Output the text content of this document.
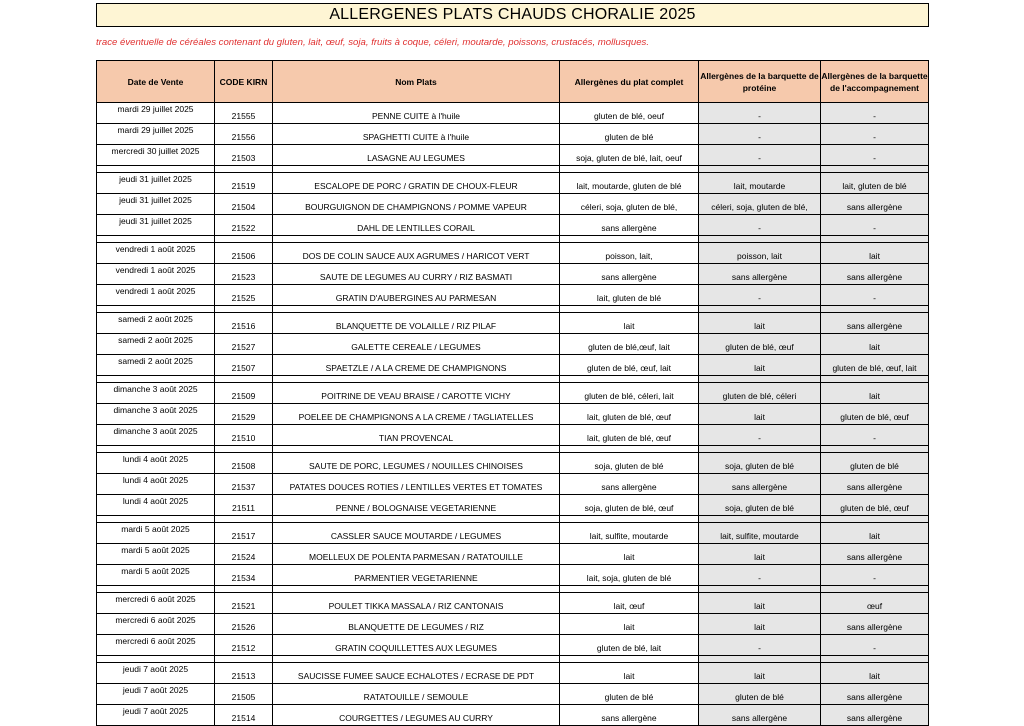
ALLERGENES PLATS CHAUDS CHORALIE 2025
trace éventuelle de céréales contenant du gluten, lait, œuf, soja, fruits à coque, céleri, moutarde, poissons, crustacés, mollusques.
Date de Vente	CODE KIRN	Nom Plats	Allergènes du plat complet	Allergènes de la barquette de protéine	Allergènes de la barquette de l'accompagnement
mardi 29 juillet 2025	21555	PENNE CUITE à l'huile	gluten de blé, oeuf	-	-
mardi 29 juillet 2025	21556	SPAGHETTI CUITE à l'huile	gluten de blé	-	-
mercredi 30 juillet 2025	21503	LASAGNE AU LEGUMES	soja, gluten de blé, lait, oeuf	-	-

jeudi 31 juillet 2025	21519	ESCALOPE DE PORC / GRATIN DE CHOUX-FLEUR	lait, moutarde, gluten de blé	lait, moutarde	lait, gluten de blé
jeudi 31 juillet 2025	21504	BOURGUIGNON DE CHAMPIGNONS / POMME VAPEUR	céleri, soja, gluten de blé,	céleri, soja, gluten de blé,	sans allergène
jeudi 31 juillet 2025	21522	DAHL DE LENTILLES CORAIL	sans allergène	-	-

vendredi 1 août 2025	21506	DOS DE COLIN SAUCE AUX AGRUMES / HARICOT VERT	poisson, lait,	poisson, lait	lait
vendredi 1 août 2025	21523	SAUTE DE LEGUMES AU CURRY / RIZ BASMATI	sans allergène	sans allergène	sans allergène
vendredi 1 août 2025	21525	GRATIN D'AUBERGINES AU PARMESAN	lait, gluten de blé	-	-

samedi 2 août 2025	21516	BLANQUETTE DE VOLAILLE / RIZ PILAF	lait	lait	sans allergène
samedi 2 août 2025	21527	GALETTE CEREALE / LEGUMES	gluten de blé,œuf, lait	gluten de blé, œuf	lait
samedi 2 août 2025	21507	SPAETZLE / A LA CREME DE CHAMPIGNONS	gluten de blé, œuf, lait	lait	gluten de blé, œuf, lait

dimanche 3 août 2025	21509	POITRINE DE VEAU BRAISE / CAROTTE VICHY	gluten de blé, céleri, lait	gluten de blé, céleri	lait
dimanche 3 août 2025	21529	POELEE DE CHAMPIGNONS A LA CREME / TAGLIATELLES	lait, gluten de blé, œuf	lait	gluten de blé, œuf
dimanche 3 août 2025	21510	TIAN PROVENCAL	lait, gluten de blé, œuf	-	-

lundi 4 août 2025	21508	SAUTE DE PORC, LEGUMES / NOUILLES CHINOISES	soja, gluten de blé	soja, gluten de blé	gluten de blé
lundi 4 août 2025	21537	PATATES DOUCES ROTIES / LENTILLES VERTES ET TOMATES	sans allergène	sans allergène	sans allergène
lundi 4 août 2025	21511	PENNE / BOLOGNAISE VEGETARIENNE	soja, gluten de blé, œuf	soja, gluten de blé	gluten de blé, œuf

mardi 5 août 2025	21517	CASSLER SAUCE MOUTARDE / LEGUMES	lait, sulfite, moutarde	lait, sulfite, moutarde	lait
mardi 5 août 2025	21524	MOELLEUX DE POLENTA PARMESAN / RATATOUILLE	lait	lait	sans allergène
mardi 5 août 2025	21534	PARMENTIER VEGETARIENNE	lait, soja, gluten de blé	-	-

mercredi 6 août 2025	21521	POULET TIKKA MASSALA / RIZ CANTONAIS	lait, œuf	lait	œuf
mercredi 6 août 2025	21526	BLANQUETTE DE LEGUMES / RIZ	lait	lait	sans allergène
mercredi 6 août 2025	21512	GRATIN COQUILLETTES AUX LEGUMES	gluten de blé, lait	-	-

jeudi 7 août 2025	21513	SAUCISSE FUMEE SAUCE ECHALOTES / ECRASE DE PDT	lait	lait	lait
jeudi 7 août 2025	21505	RATATOUILLE / SEMOULE	gluten de blé	gluten de blé	sans allergène
jeudi 7 août 2025	21514	COURGETTES / LEGUMES AU CURRY	sans allergène	sans allergène	sans allergène
